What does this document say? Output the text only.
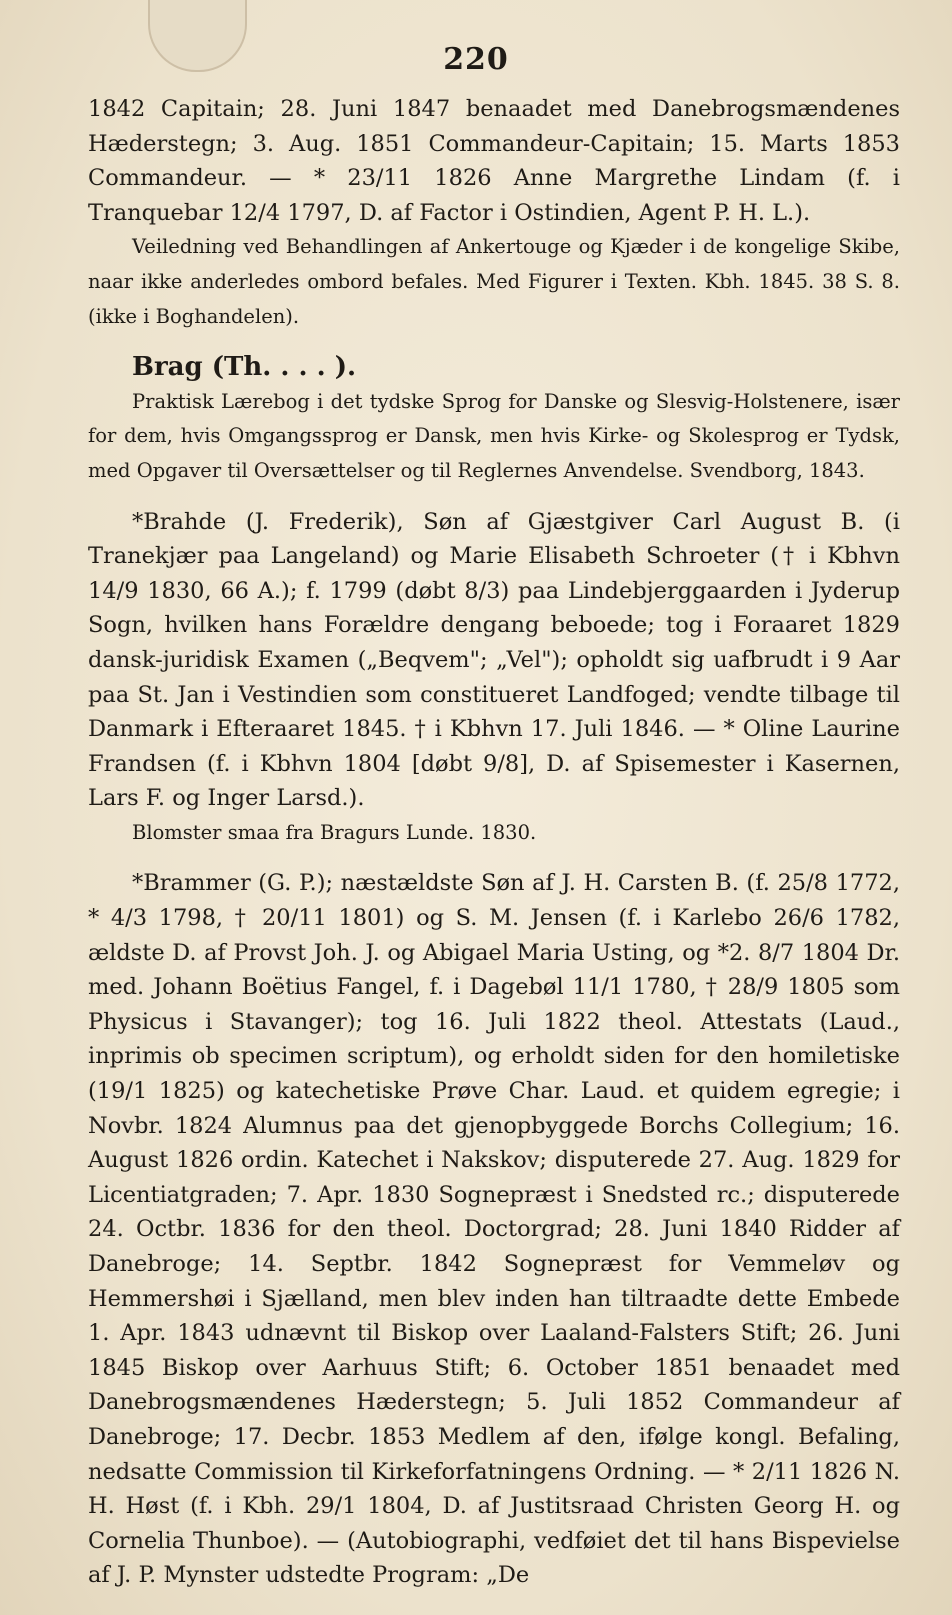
220

1842 Capitain; 28. Juni 1847 benaadet med Danebrogsmændenes Hæderstegn; 3. Aug. 1851 Commandeur-Capitain; 15. Marts 1853 Commandeur. — * 23/11 1826 Anne Margrethe Lindam (f. i Tranquebar 12/4 1797, D. af Factor i Ostindien, Agent P. H. L.).

Veiledning ved Behandlingen af Ankertouge og Kjæder i de kongelige Skibe, naar ikke anderledes ombord befales. Med Figurer i Texten. Kbh. 1845. 38 S. 8. (ikke i Boghandelen).

Brag (Th. . . . ).

Praktisk Lærebog i det tydske Sprog for Danske og Slesvig-Holstenere, især for dem, hvis Omgangssprog er Dansk, men hvis Kirke- og Skolesprog er Tydsk, med Opgaver til Oversættelser og til Reglernes Anvendelse. Svendborg, 1843.

*Brahde (J. Frederik), Søn af Gjæstgiver Carl August B. (i Tranekjær paa Langeland) og Marie Elisabeth Schroeter († i Kbhvn 14/9 1830, 66 A.); f. 1799 (døbt 8/3) paa Lindebjerggaarden i Jyderup Sogn, hvilken hans Forældre dengang beboede; tog i Foraaret 1829 dansk-juridisk Examen („Beqvem"; „Vel"); opholdt sig uafbrudt i 9 Aar paa St. Jan i Vestindien som constitueret Landfoged; vendte tilbage til Danmark i Efteraaret 1845. † i Kbhvn 17. Juli 1846. — * Oline Laurine Frandsen (f. i Kbhvn 1804 [døbt 9/8], D. af Spisemester i Kasernen, Lars F. og Inger Larsd.).

Blomster smaa fra Bragurs Lunde. 1830.

*Brammer (G. P.); næstældste Søn af J. H. Carsten B. (f. 25/8 1772, * 4/3 1798, † 20/11 1801) og S. M. Jensen (f. i Karlebo 26/6 1782, ældste D. af Provst Joh. J. og Abigael Maria Usting, og *2. 8/7 1804 Dr. med. Johann Boëtius Fangel, f. i Dagebøl 11/1 1780, † 28/9 1805 som Physicus i Stavanger); tog 16. Juli 1822 theol. Attestats (Laud., inprimis ob specimen scriptum), og erholdt siden for den homiletiske (19/1 1825) og katechetiske Prøve Char. Laud. et quidem egregie; i Novbr. 1824 Alumnus paa det gjenopbyggede Borchs Collegium; 16. August 1826 ordin. Katechet i Nakskov; disputerede 27. Aug. 1829 for Licentiatgraden; 7. Apr. 1830 Sognepræst i Snedsted rc.; disputerede 24. Octbr. 1836 for den theol. Doctorgrad; 28. Juni 1840 Ridder af Danebroge; 14. Septbr. 1842 Sognepræst for Vemmeløv og Hemmershøi i Sjælland, men blev inden han tiltraadte dette Embede 1. Apr. 1843 udnævnt til Biskop over Laaland-Falsters Stift; 26. Juni 1845 Biskop over Aarhuus Stift; 6. October 1851 benaadet med Danebrogsmændenes Hæderstegn; 5. Juli 1852 Commandeur af Danebroge; 17. Decbr. 1853 Medlem af den, ifølge kongl. Befaling, nedsatte Commission til Kirkeforfatningens Ordning. — * 2/11 1826 N. H. Høst (f. i Kbh. 29/1 1804, D. af Justitsraad Christen Georg H. og Cornelia Thunboe). — (Autobiographi, vedføiet det til hans Bispevielse af J. P. Mynster udstedte Program: „De
